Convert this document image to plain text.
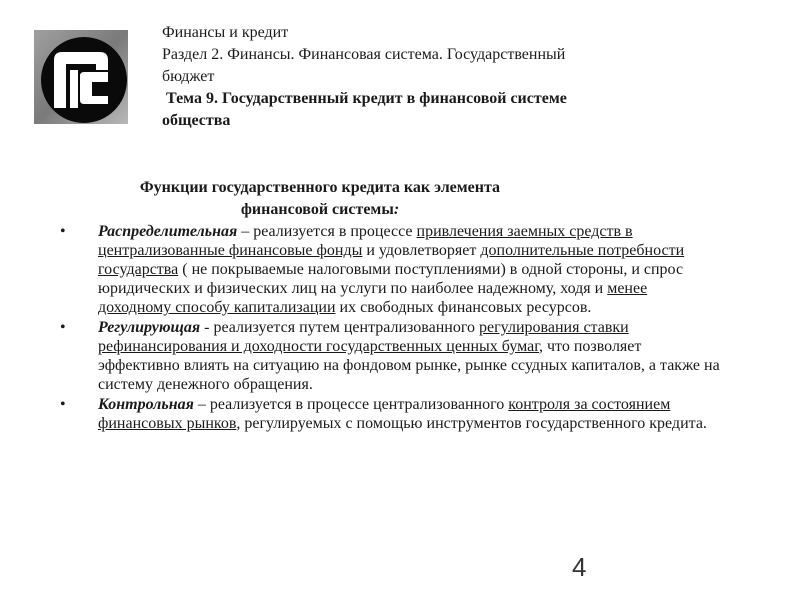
Финансы и кредит
Раздел 2. Финансы. Финансовая система. Государственный
бюджет
Тема 9. Государственный кредит в финансовой системе
общества
Функции государственного кредита как элемента
финансовой системы:
• Распределительная – реализуется в процессе привлечения заемных средств в централизованные финансовые фонды и удовлетворяет дополнительные потребности государства ( не покрываемые налоговыми поступлениями) в одной стороны, и спрос юридических и физических лиц на услуги по наиболее надежному, ходя и менее доходному способу капитализации их свободных финансовых ресурсов.
• Регулирующая - реализуется путем централизованного регулирования ставки рефинансирования и доходности государственных ценных бумаг, что позволяет эффективно влиять на ситуацию на фондовом рынке, рынке ссудных капиталов, а также на систему денежного обращения.
• Контрольная – реализуется в процессе централизованного контроля за состоянием финансовых рынков, регулируемых с помощью инструментов государственного кредита.
4
